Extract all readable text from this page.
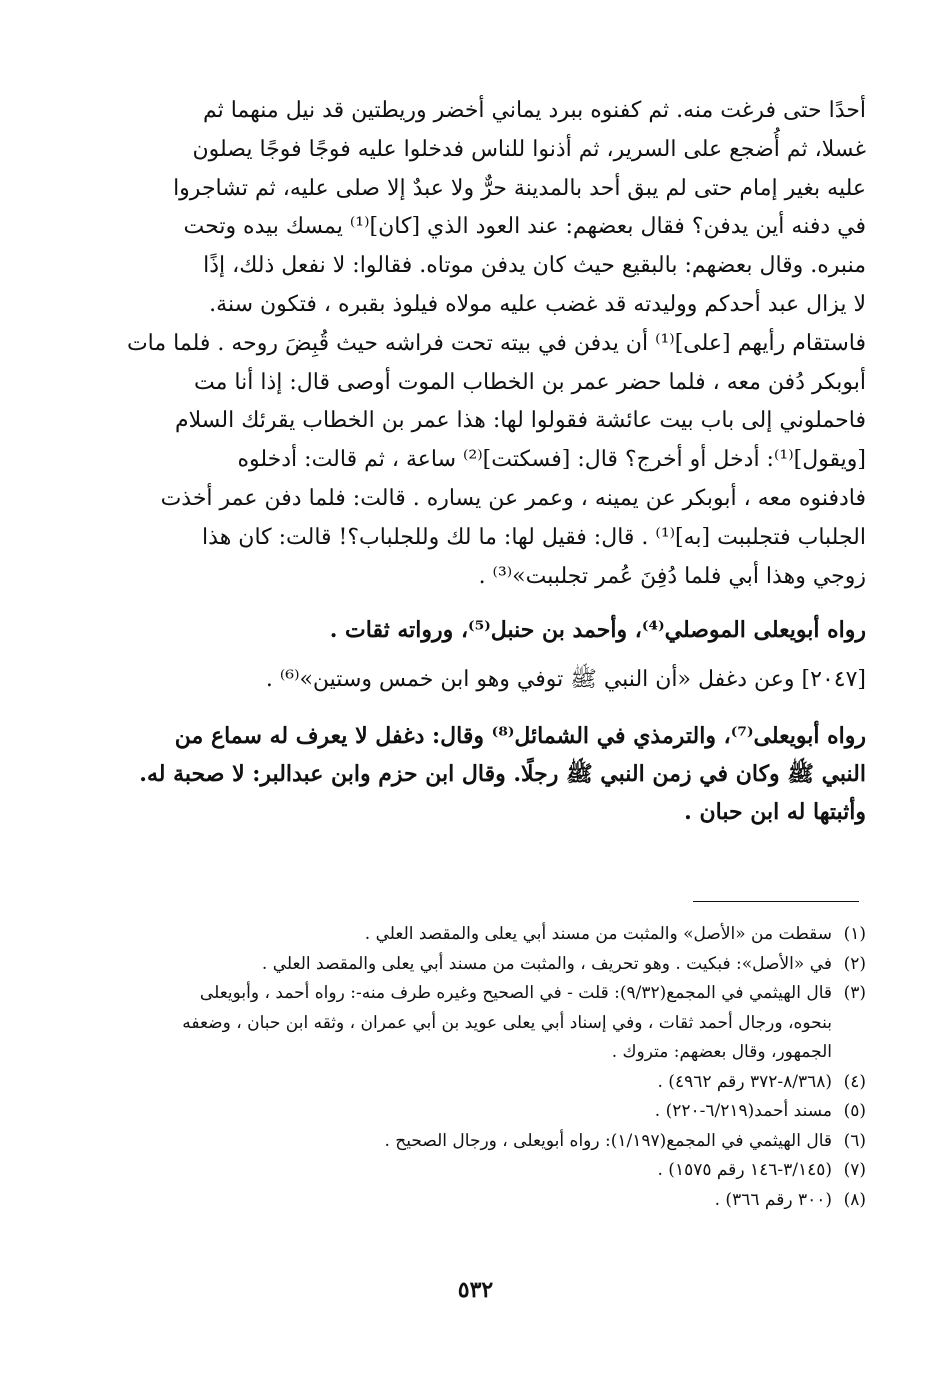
أحدًا حتى فرغت منه. ثم كفنوه ببرد يماني أخضر وريطتين قد نيل منهما ثم

غسلا، ثم أُضجع على السرير، ثم أذنوا للناس فدخلوا عليه فوجًا فوجًا يصلون

عليه بغير إمام حتى لم يبق أحد بالمدينة حرٌّ ولا عبدٌ إلا صلى عليه، ثم تشاجروا

في دفنه أين يدفن؟ فقال بعضهم: عند العود الذي [كان]⁽¹⁾ يمسك بيده وتحت

منبره. وقال بعضهم: بالبقيع حيث كان يدفن موتاه. فقالوا: لا نفعل ذلك، إذًا

لا يزال عبد أحدكم ووليدته قد غضب عليه مولاه فيلوذ بقبره ، فتكون سنة.

فاستقام رأيهم [على]⁽¹⁾ أن يدفن في بيته تحت فراشه حيث قُبِضَ روحه . فلما مات

أبوبكر دُفن معه ، فلما حضر عمر بن الخطاب الموت أوصى قال: إذا أنا مت

فاحملوني إلى باب بيت عائشة فقولوا لها: هذا عمر بن الخطاب يقرئك السلام

[ويقول]⁽¹⁾: أدخل أو أخرج؟ قال: [فسكتت]⁽²⁾ ساعة ، ثم قالت: أدخلوه

فادفنوه معه ، أبوبكر عن يمينه ، وعمر عن يساره . قالت: فلما دفن عمر أخذت

الجلباب فتجلببت [به]⁽¹⁾ . قال: فقيل لها: ما لك وللجلباب؟! قالت: كان هذا

زوجي وهذا أبي فلما دُفِنَ عُمر تجلببت»⁽³⁾ .

رواه أبويعلى الموصلي⁽⁴⁾، وأحمد بن حنبل⁽⁵⁾، ورواته ثقات .

[٢٠٤٧] وعن دغفل «أن النبي ﷺ توفي وهو ابن خمس وستين»⁽⁶⁾ .

رواه أبويعلى⁽⁷⁾، والترمذي في الشمائل⁽⁸⁾ وقال: دغفل لا يعرف له سماع من

النبي ﷺ وكان في زمن النبي ﷺ رجلًا. وقال ابن حزم وابن عبدالبر: لا صحبة له.

وأثبتها له ابن حبان .

(١)
سقطت من «الأصل» والمثبت من مسند أبي يعلى والمقصد العلي .
(٢)
في «الأصل»: فبكيت . وهو تحريف ، والمثبت من مسند أبي يعلى والمقصد العلي .
(٣)
قال الهيثمي في المجمع(٩/٣٢): قلت - في الصحيح وغيره طرف منه-: رواه أحمد ، وأبويعلى
بنحوه، ورجال أحمد ثقات ، وفي إسناد أبي يعلى عويد بن أبي عمران ، وثقه ابن حبان ، وضعفه
الجمهور، وقال بعضهم: متروك .
(٤)
(٨/٣٦٨-٣٧٢ رقم ٤٩٦٢) .
(٥)
مسند أحمد(٦/٢١٩-٢٢٠) .
(٦)
قال الهيثمي في المجمع(١/١٩٧): رواه أبويعلى ، ورجال الصحيح .
(٧)
(٣/١٤٥-١٤٦ رقم ١٥٧٥) .
(٨)
(٣٠٠ رقم ٣٦٦) .
٥٣٢
